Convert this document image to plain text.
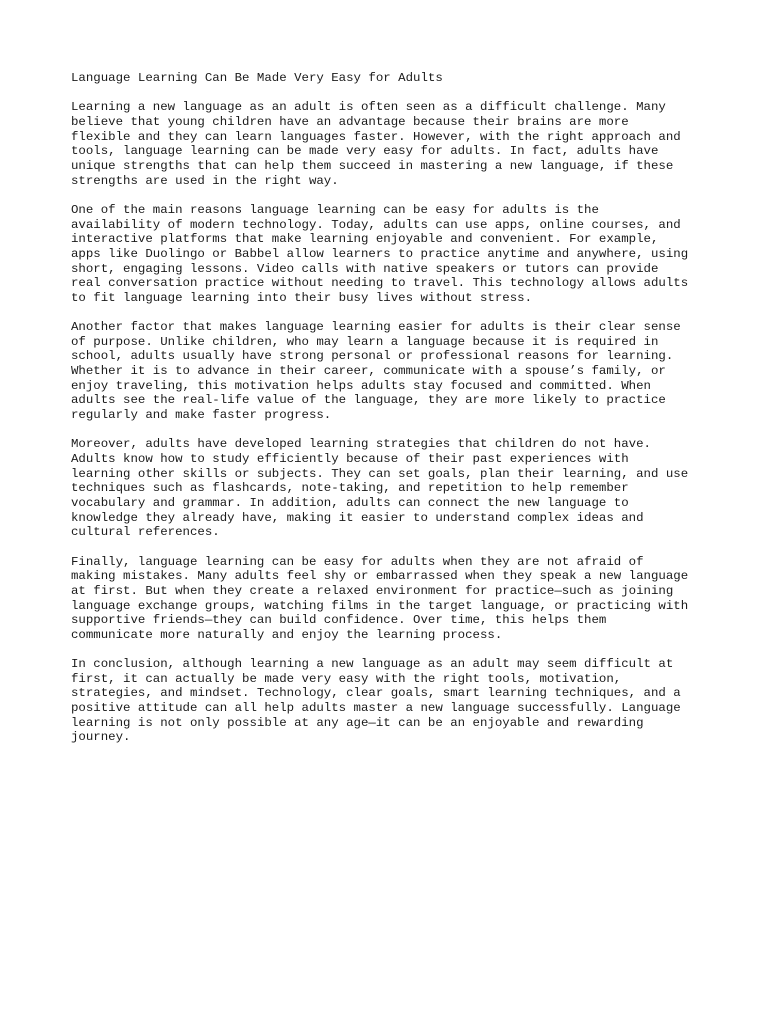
Language Learning Can Be Made Very Easy for Adults

Learning a new language as an adult is often seen as a difficult challenge. Many
believe that young children have an advantage because their brains are more
flexible and they can learn languages faster. However, with the right approach and
tools, language learning can be made very easy for adults. In fact, adults have
unique strengths that can help them succeed in mastering a new language, if these
strengths are used in the right way.

One of the main reasons language learning can be easy for adults is the
availability of modern technology. Today, adults can use apps, online courses, and
interactive platforms that make learning enjoyable and convenient. For example,
apps like Duolingo or Babbel allow learners to practice anytime and anywhere, using
short, engaging lessons. Video calls with native speakers or tutors can provide
real conversation practice without needing to travel. This technology allows adults
to fit language learning into their busy lives without stress.

Another factor that makes language learning easier for adults is their clear sense
of purpose. Unlike children, who may learn a language because it is required in
school, adults usually have strong personal or professional reasons for learning.
Whether it is to advance in their career, communicate with a spouse’s family, or
enjoy traveling, this motivation helps adults stay focused and committed. When
adults see the real-life value of the language, they are more likely to practice
regularly and make faster progress.

Moreover, adults have developed learning strategies that children do not have.
Adults know how to study efficiently because of their past experiences with
learning other skills or subjects. They can set goals, plan their learning, and use
techniques such as flashcards, note-taking, and repetition to help remember
vocabulary and grammar. In addition, adults can connect the new language to
knowledge they already have, making it easier to understand complex ideas and
cultural references.

Finally, language learning can be easy for adults when they are not afraid of
making mistakes. Many adults feel shy or embarrassed when they speak a new language
at first. But when they create a relaxed environment for practice—such as joining
language exchange groups, watching films in the target language, or practicing with
supportive friends—they can build confidence. Over time, this helps them
communicate more naturally and enjoy the learning process.

In conclusion, although learning a new language as an adult may seem difficult at
first, it can actually be made very easy with the right tools, motivation,
strategies, and mindset. Technology, clear goals, smart learning techniques, and a
positive attitude can all help adults master a new language successfully. Language
learning is not only possible at any age—it can be an enjoyable and rewarding
journey.
